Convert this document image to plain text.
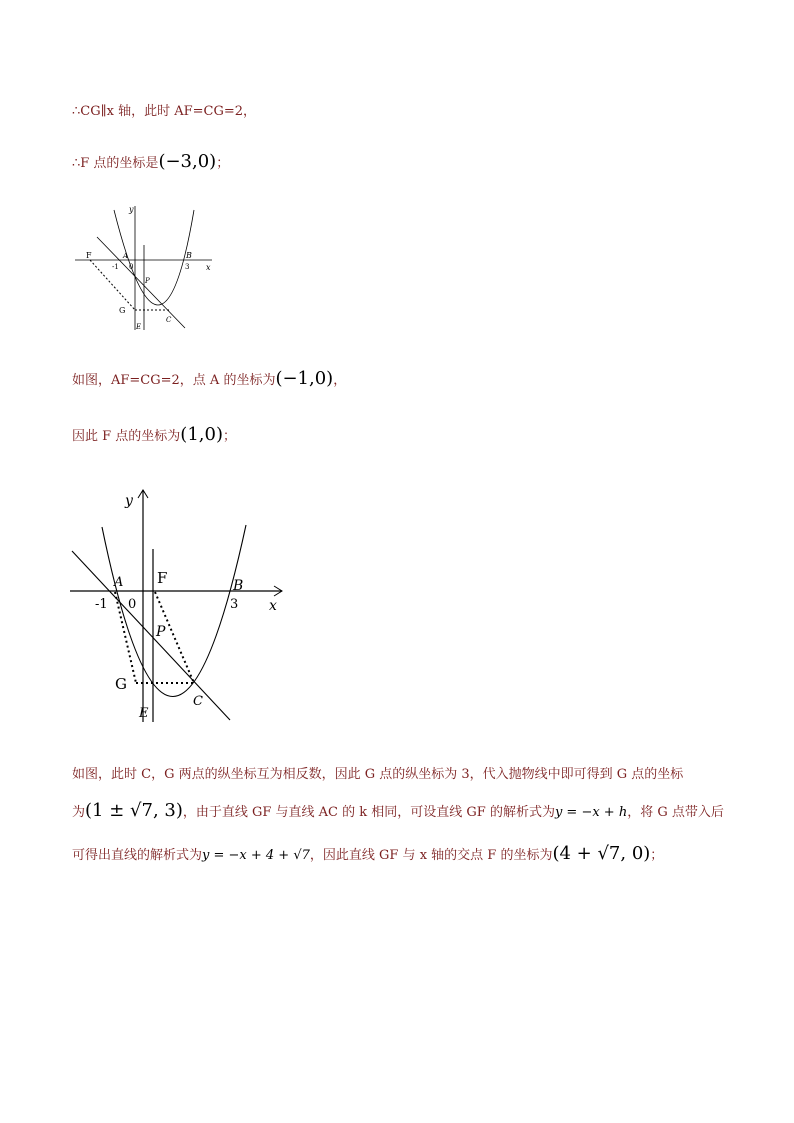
∴CG∥x 轴，此时 AF=CG=2，
∴F 点的坐标是(−3,0)；
y
x
F	A
-1 0
B
3
P
G
C
E
如图，AF=CG=2，点 A 的坐标为(−1,0)，
因此 F 点的坐标为(1,0)；
y
x
F
A
-1 0
B
3
P
G
C
E
如图，此时 C，G 两点的纵坐标互为相反数，因此 G 点的纵坐标为 3，代入抛物线中即可得到 G 点的坐标
为(1 ± √7, 3)，由于直线 GF 与直线 AC 的 k 相同，可设直线 GF 的解析式为y = −x + h，将 G 点带入后
可得出直线的解析式为y = −x + 4 + √7，因此直线 GF 与 x 轴的交点 F 的坐标为(4 + √7, 0)；
